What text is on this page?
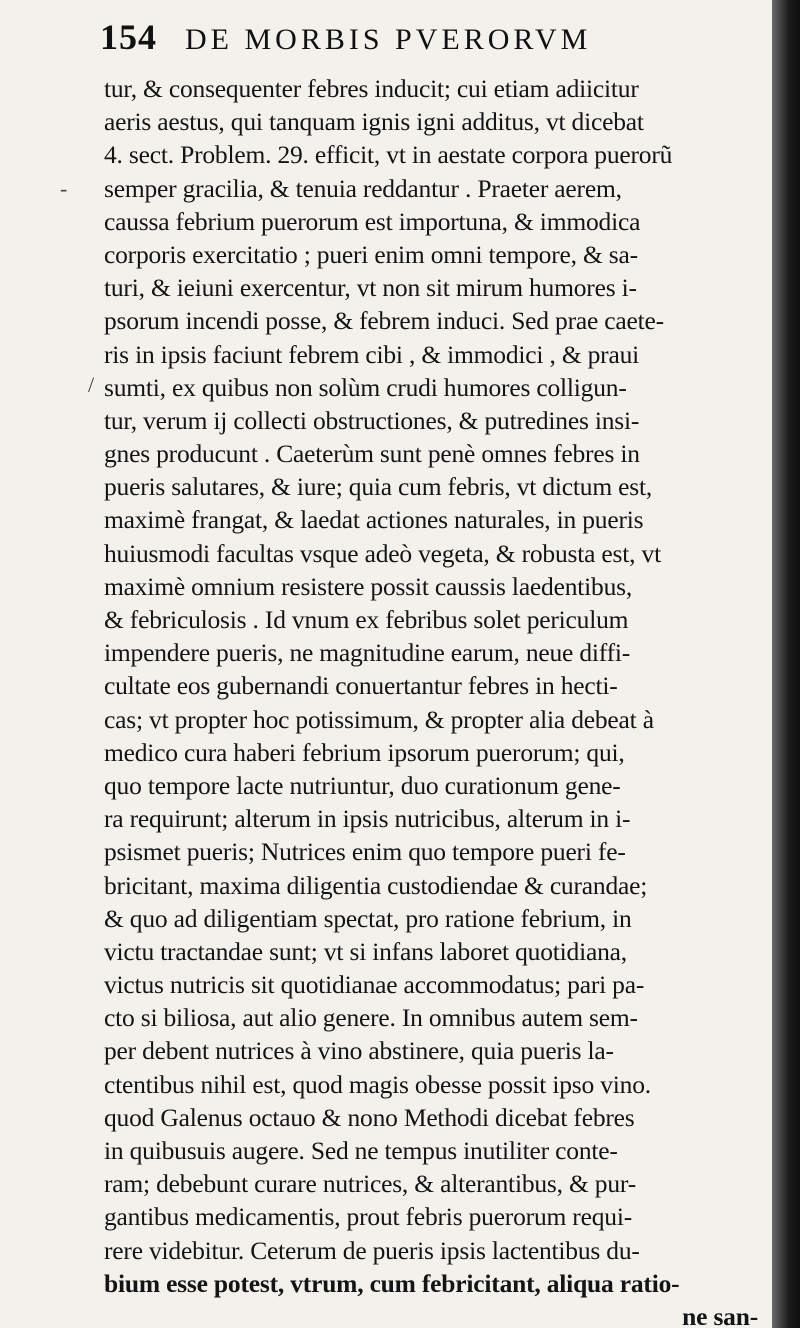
154 DE MORBIS PVERORVM
-
/
tur, & consequenter febres inducit; cui etiam adiicitur
aeris aestus, qui tanquam ignis igni additus, vt dicebat
4. sect. Problem. 29. efficit, vt in aestate corpora puerorũ
semper gracilia, & tenuia reddantur . Praeter aerem,
caussa febrium puerorum est importuna, & immodica
corporis exercitatio ; pueri enim omni tempore, & sa-
turi, & ieiuni exercentur, vt non sit mirum humores i-
psorum incendi posse, & febrem induci. Sed prae caete-
ris in ipsis faciunt febrem cibi , & immodici , & praui
sumti, ex quibus non solùm crudi humores colligun-
tur, verum ij collecti obstructiones, & putredines insi-
gnes producunt . Caeterùm sunt penè omnes febres in
pueris salutares, & iure; quia cum febris, vt dictum est,
maximè frangat, & laedat actiones naturales, in pueris
huiusmodi facultas vsque adeò vegeta, & robusta est, vt
maximè omnium resistere possit caussis laedentibus,
& febriculosis . Id vnum ex febribus solet periculum
impendere pueris, ne magnitudine earum, neue diffi-
cultate eos gubernandi conuertantur febres in hecti-
cas; vt propter hoc potissimum, & propter alia debeat à
medico cura haberi febrium ipsorum puerorum; qui,
quo tempore lacte nutriuntur, duo curationum gene-
ra requirunt; alterum in ipsis nutricibus, alterum in i-
psismet pueris; Nutrices enim quo tempore pueri fe-
bricitant, maxima diligentia custodiendae & curandae;
& quo ad diligentiam spectat, pro ratione febrium, in
victu tractandae sunt; vt si infans laboret quotidiana,
victus nutricis sit quotidianae accommodatus; pari pa-
cto si biliosa, aut alio genere. In omnibus autem sem-
per debent nutrices à vino abstinere, quia pueris la-
ctentibus nihil est, quod magis obesse possit ipso vino.
quod Galenus octauo & nono Methodi dicebat febres
in quibusuis augere. Sed ne tempus inutiliter conte-
ram; debebunt curare nutrices, & alterantibus, & pur-
gantibus medicamentis, prout febris puerorum requi-
rere videbitur. Ceterum de pueris ipsis lactentibus du-
bium esse potest, vtrum, cum febricitant, aliqua ratio-
ne san-
